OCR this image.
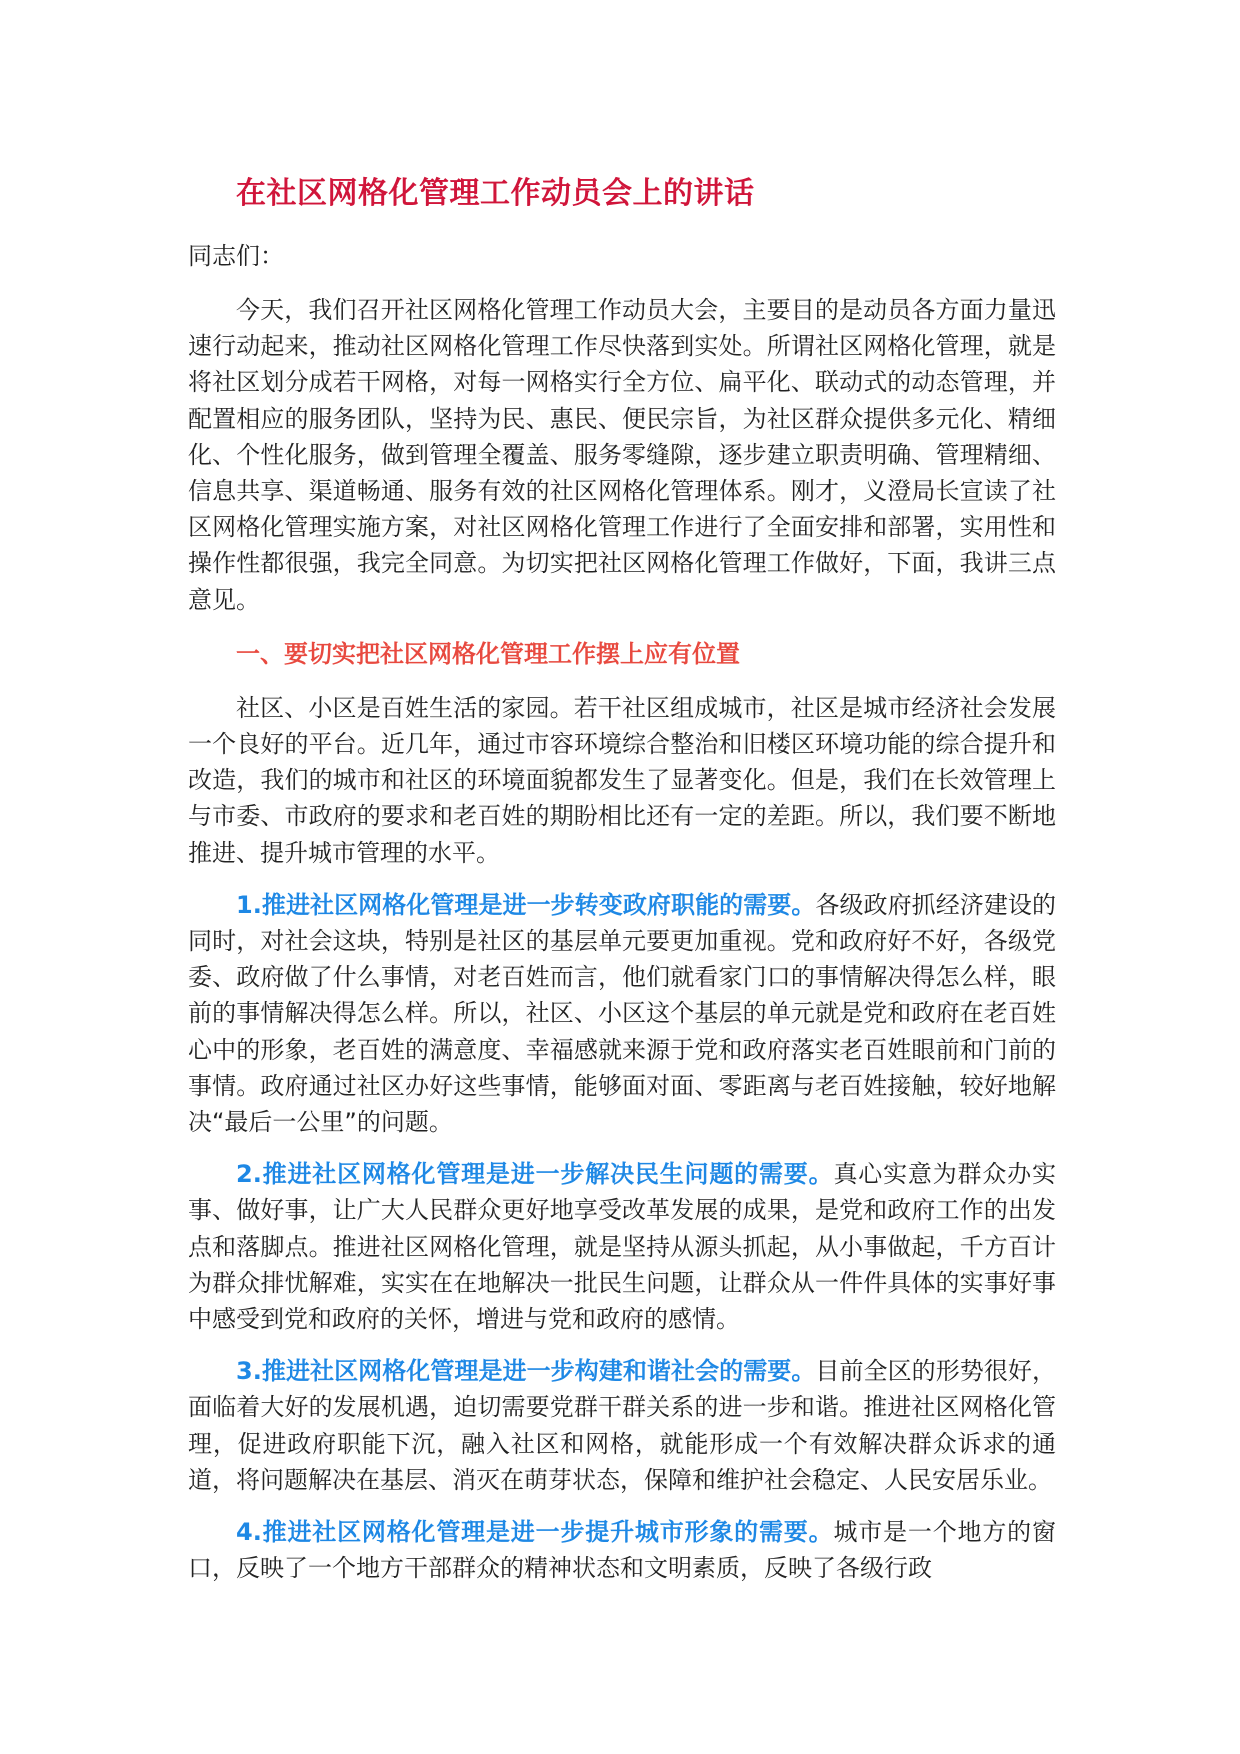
在社区网格化管理工作动员会上的讲话

同志们：

今天，我们召开社区网格化管理工作动员大会，主要目的是动员各方面力量迅速行动起来，推动社区网格化管理工作尽快落到实处。所谓社区网格化管理，就是将社区划分成若干网格，对每一网格实行全方位、扁平化、联动式的动态管理，并配置相应的服务团队，坚持为民、惠民、便民宗旨，为社区群众提供多元化、精细化、个性化服务，做到管理全覆盖、服务零缝隙，逐步建立职责明确、管理精细、信息共享、渠道畅通、服务有效的社区网格化管理体系。刚才，义澄局长宣读了社区网格化管理实施方案，对社区网格化管理工作进行了全面安排和部署，实用性和操作性都很强，我完全同意。为切实把社区网格化管理工作做好，下面，我讲三点意见。

一、要切实把社区网格化管理工作摆上应有位置

社区、小区是百姓生活的家园。若干社区组成城市，社区是城市经济社会发展一个良好的平台。近几年，通过市容环境综合整治和旧楼区环境功能的综合提升和改造，我们的城市和社区的环境面貌都发生了显著变化。但是，我们在长效管理上与市委、市政府的要求和老百姓的期盼相比还有一定的差距。所以，我们要不断地推进、提升城市管理的水平。

1.推进社区网格化管理是进一步转变政府职能的需要。各级政府抓经济建设的同时，对社会这块，特别是社区的基层单元要更加重视。党和政府好不好，各级党委、政府做了什么事情，对老百姓而言，他们就看家门口的事情解决得怎么样，眼前的事情解决得怎么样。所以，社区、小区这个基层的单元就是党和政府在老百姓心中的形象，老百姓的满意度、幸福感就来源于党和政府落实老百姓眼前和门前的事情。政府通过社区办好这些事情，能够面对面、零距离与老百姓接触，较好地解决“最后一公里”的问题。

2.推进社区网格化管理是进一步解决民生问题的需要。真心实意为群众办实事、做好事，让广大人民群众更好地享受改革发展的成果，是党和政府工作的出发点和落脚点。推进社区网格化管理，就是坚持从源头抓起，从小事做起，千方百计为群众排忧解难，实实在在地解决一批民生问题，让群众从一件件具体的实事好事中感受到党和政府的关怀，增进与党和政府的感情。

3.推进社区网格化管理是进一步构建和谐社会的需要。目前全区的形势很好，面临着大好的发展机遇，迫切需要党群干群关系的进一步和谐。推进社区网格化管理，促进政府职能下沉，融入社区和网格，就能形成一个有效解决群众诉求的通道，将问题解决在基层、消灭在萌芽状态，保障和维护社会稳定、人民安居乐业。

4.推进社区网格化管理是进一步提升城市形象的需要。城市是一个地方的窗口，反映了一个地方干部群众的精神状态和文明素质，反映了各级行政
